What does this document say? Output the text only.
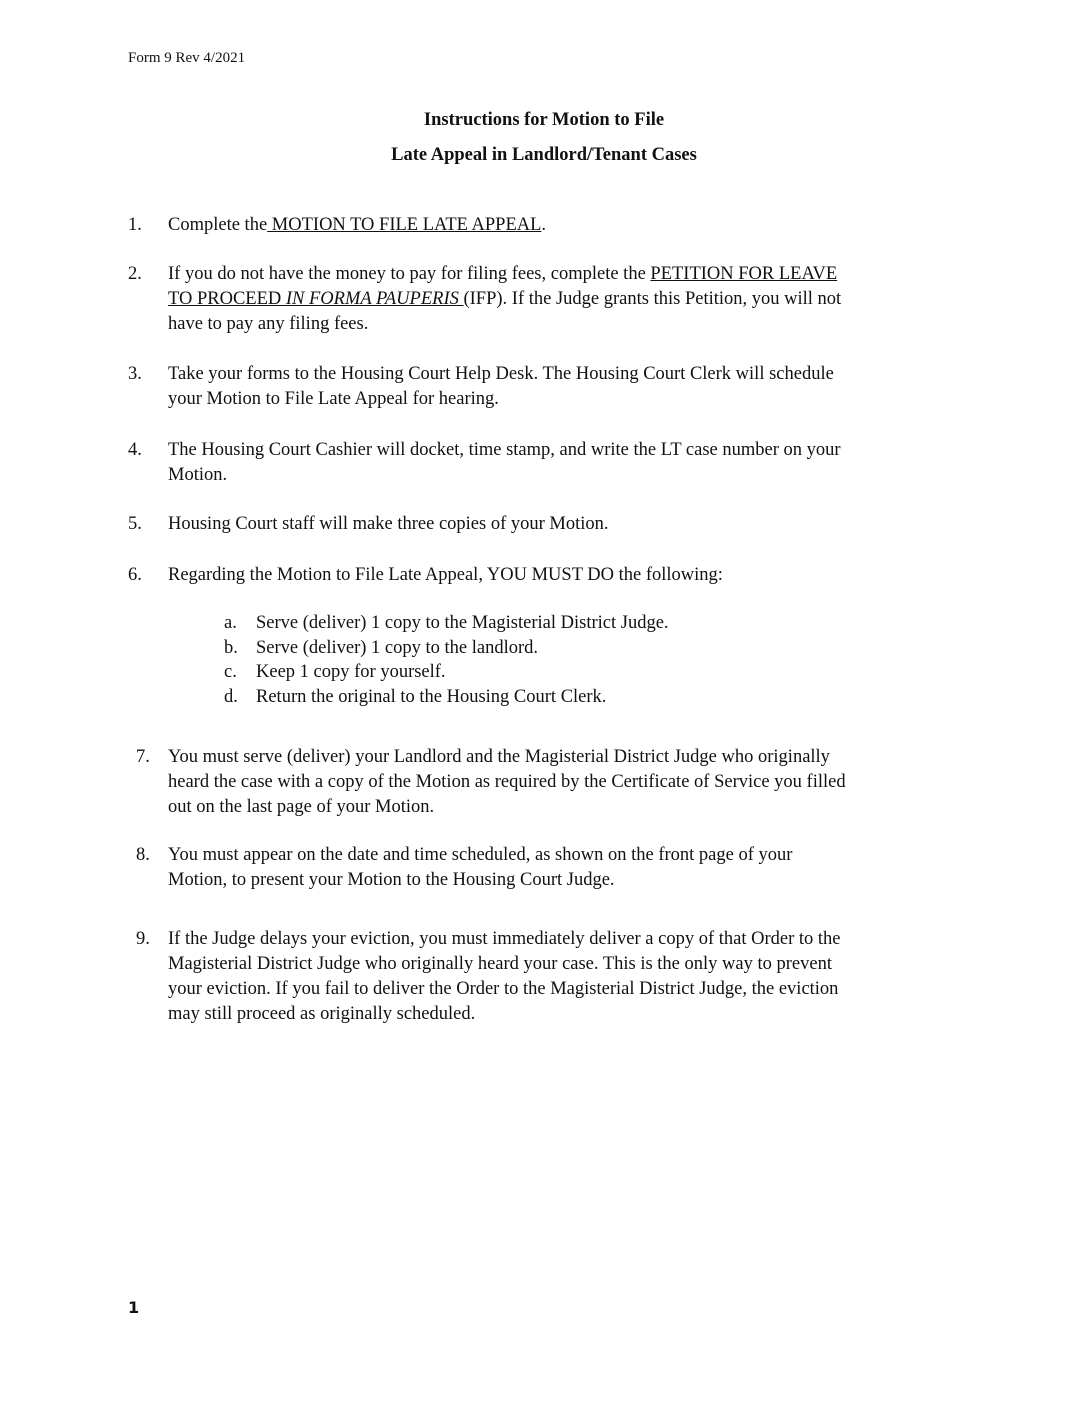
Form 9 Rev 4/2021
Instructions for Motion to File
Late Appeal in Landlord/Tenant Cases
1.	Complete the MOTION TO FILE LATE APPEAL.
2.	If you do not have the money to pay for filing fees, complete the PETITION FOR LEAVE
TO PROCEED IN FORMA PAUPERIS (IFP). If the Judge grants this Petition, you will not
have to pay any filing fees.
3.	Take your forms to the Housing Court Help Desk. The Housing Court Clerk will schedule
your Motion to File Late Appeal for hearing.
4.	The Housing Court Cashier will docket, time stamp, and write the LT case number on your
Motion.
5.	Housing Court staff will make three copies of your Motion.
6.	Regarding the Motion to File Late Appeal, YOU MUST DO the following:
a.	Serve (deliver) 1 copy to the Magisterial District Judge.
b. Serve (deliver) 1 copy to the landlord.
c.	Keep 1 copy for yourself.
d. Return the original to the Housing Court Clerk.
7. You must serve (deliver) your Landlord and the Magisterial District Judge who originally
heard the case with a copy of the Motion as required by the Certificate of Service you filled
out on the last page of your Motion.
8. You must appear on the date and time scheduled, as shown on the front page of your
Motion, to present your Motion to the Housing Court Judge.
9. If the Judge delays your eviction, you must immediately deliver a copy of that Order to the
Magisterial District Judge who originally heard your case. This is the only way to prevent
your eviction. If you fail to deliver the Order to the Magisterial District Judge, the eviction
may still proceed as originally scheduled.
1
